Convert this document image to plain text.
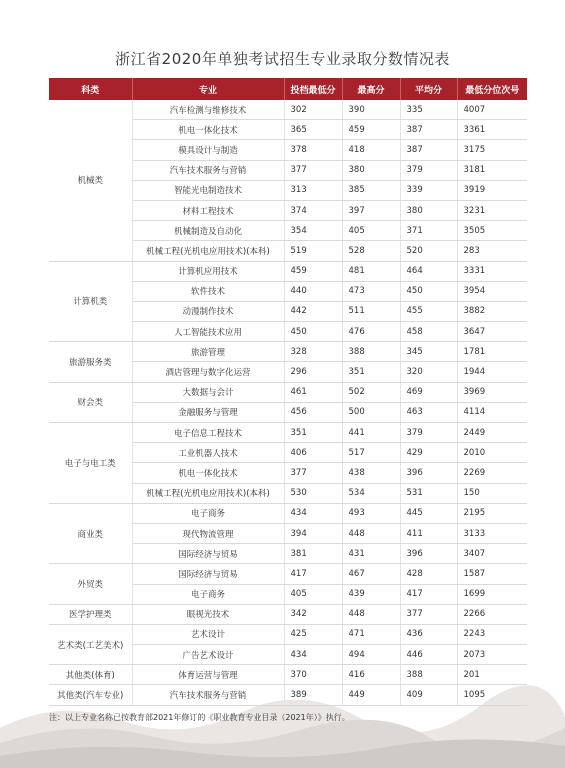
浙江省2020年单独考试招生专业录取分数情况表
科类	专业	投档最低分	最高分	平均分	最低分位次号
机械类	汽车检测与维修技术	302	390	335	4007
	机电一体化技术	365	459	387	3361
	模具设计与制造	378	418	387	3175
	汽车技术服务与营销	377	380	379	3181
	智能光电制造技术	313	385	339	3919
	材料工程技术	374	397	380	3231
	机械制造及自动化	354	405	371	3505
	机械工程(光机电应用技术)(本科)	519	528	520	283
计算机类	计算机应用技术	459	481	464	3331
	软件技术	440	473	450	3954
	动漫制作技术	442	511	455	3882
	人工智能技术应用	450	476	458	3647
旅游服务类	旅游管理	328	388	345	1781
	酒店管理与数字化运营	296	351	320	1944
财会类	大数据与会计	461	502	469	3969
	金融服务与管理	456	500	463	4114
电子与电工类	电子信息工程技术	351	441	379	2449
	工业机器人技术	406	517	429	2010
	机电一体化技术	377	438	396	2269
	机械工程(光机电应用技术)(本科)	530	534	531	150
商业类	电子商务	434	493	445	2195
	现代物流管理	394	448	411	3133
	国际经济与贸易	381	431	396	3407
外贸类	国际经济与贸易	417	467	428	1587
	电子商务	405	439	417	1699
医学护理类	眼视光技术	342	448	377	2266
艺术类(工艺美术)	艺术设计	425	471	436	2243
	广告艺术设计	434	494	446	2073
其他类(体育)	体育运营与管理	370	416	388	201
其他类(汽车专业)	汽车技术服务与营销	389	449	409	1095
注：以上专业名称已按教育部2021年修订的《职业教育专业目录（2021年）》执行。
